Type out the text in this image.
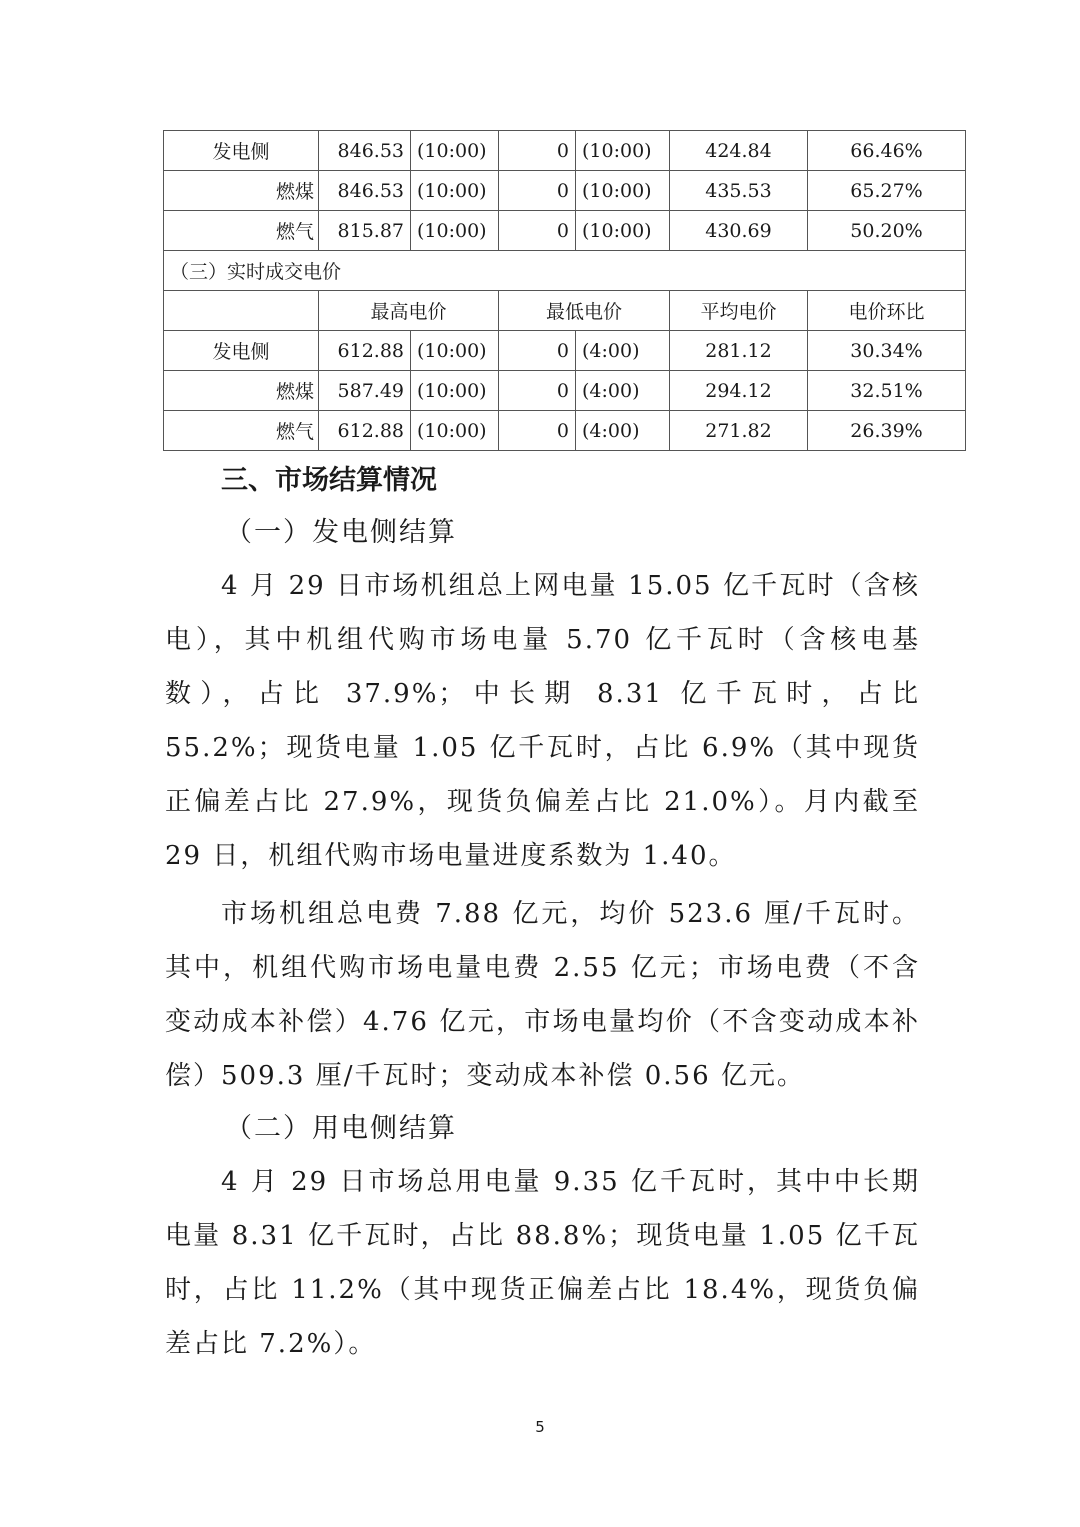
发电侧	846.53	(10:00)	0	(10:00)	424.84	66.46%
燃煤	846.53	(10:00)	0	(10:00)	435.53	65.27%
燃气	815.87	(10:00)	0	(10:00)	430.69	50.20%
（三）实时成交电价						
	最高电价		最低电价		平均电价	电价环比
发电侧	612.88	(10:00)	0	(4:00)	281.12	30.34%
燃煤	587.49	(10:00)	0	(4:00)	294.12	32.51%
燃气	612.88	(10:00)	0	(4:00)	271.82	26.39%
三、市场结算情况
（一）发电侧结算

4 月 29 日市场机组总上网电量 15.05 亿千瓦时（含核电），其中机组代购市场电量 5.70 亿千瓦时（含核电基数），占比 37.9%；中长期 8.31 亿千瓦时，占比 55.2%；现货电量 1.05 亿千瓦时，占比 6.9%（其中现货正偏差占比 27.9%，现货负偏差占比 21.0%）。月内截至 29 日，机组代购市场电量进度系数为 1.40。

市场机组总电费 7.88 亿元，均价 523.6 厘/千瓦时。其中，机组代购市场电量电费 2.55 亿元；市场电费（不含变动成本补偿）4.76 亿元，市场电量均价（不含变动成本补偿）509.3 厘/千瓦时；变动成本补偿 0.56 亿元。

（二）用电侧结算

4 月 29 日市场总用电量 9.35 亿千瓦时，其中中长期电量 8.31 亿千瓦时，占比 88.8%；现货电量 1.05 亿千瓦时，占比 11.2%（其中现货正偏差占比 18.4%，现货负偏差占比 7.2%）。

5
